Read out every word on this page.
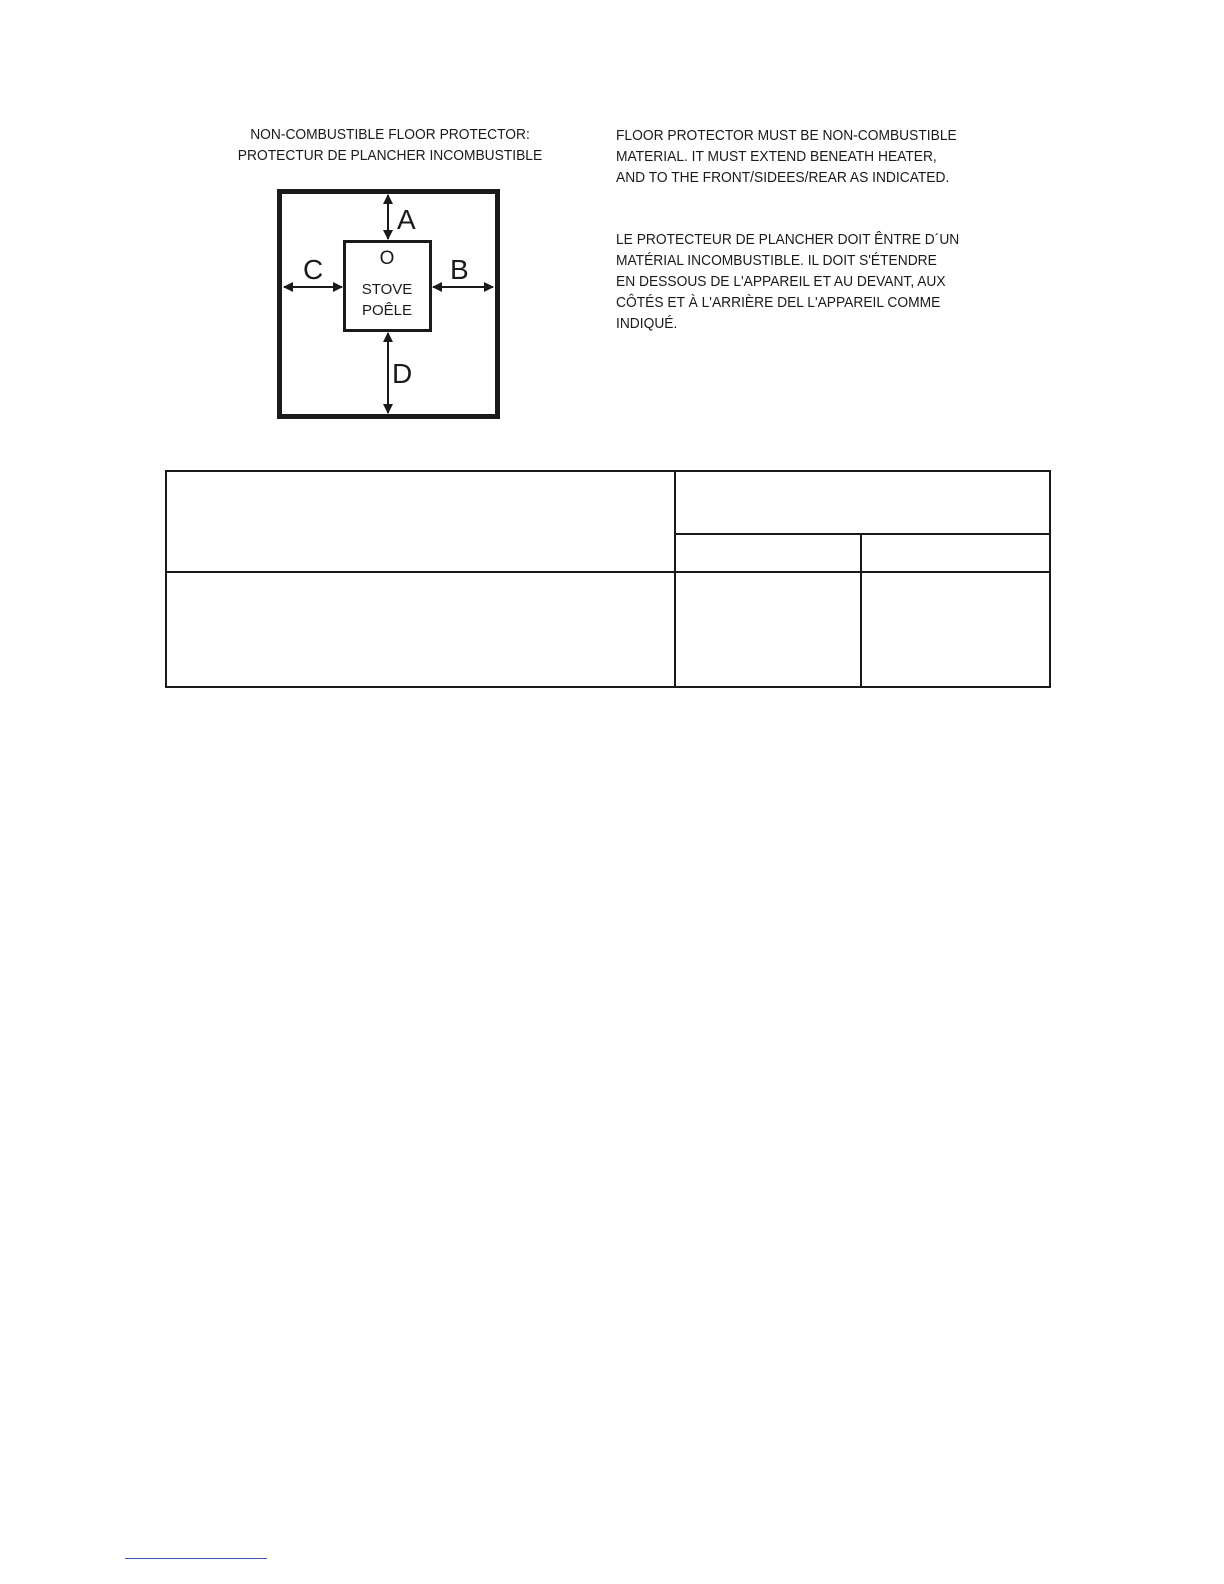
NON-COMBUSTIBLE FLOOR PROTECTOR:
PROTECTUR DE PLANCHER INCOMBUSTIBLE
A
B
C
D
O
STOVE
POÊLE
FLOOR PROTECTOR MUST BE NON-COMBUSTIBLE
MATERIAL. IT MUST EXTEND BENEATH HEATER,
AND TO THE FRONT/SIDEES/REAR AS INDICATED.
LE PROTECTEUR DE PLANCHER DOIT ÊNTRE D´UN
MATÉRIAL INCOMBUSTIBLE. IL DOIT S'ÉTENDRE
EN DESSOUS DE L'APPAREIL ET AU DEVANT, AUX
CÔTÉS ET À L'ARRIÈRE DEL L'APPAREIL COMME
INDIQUÉ.
